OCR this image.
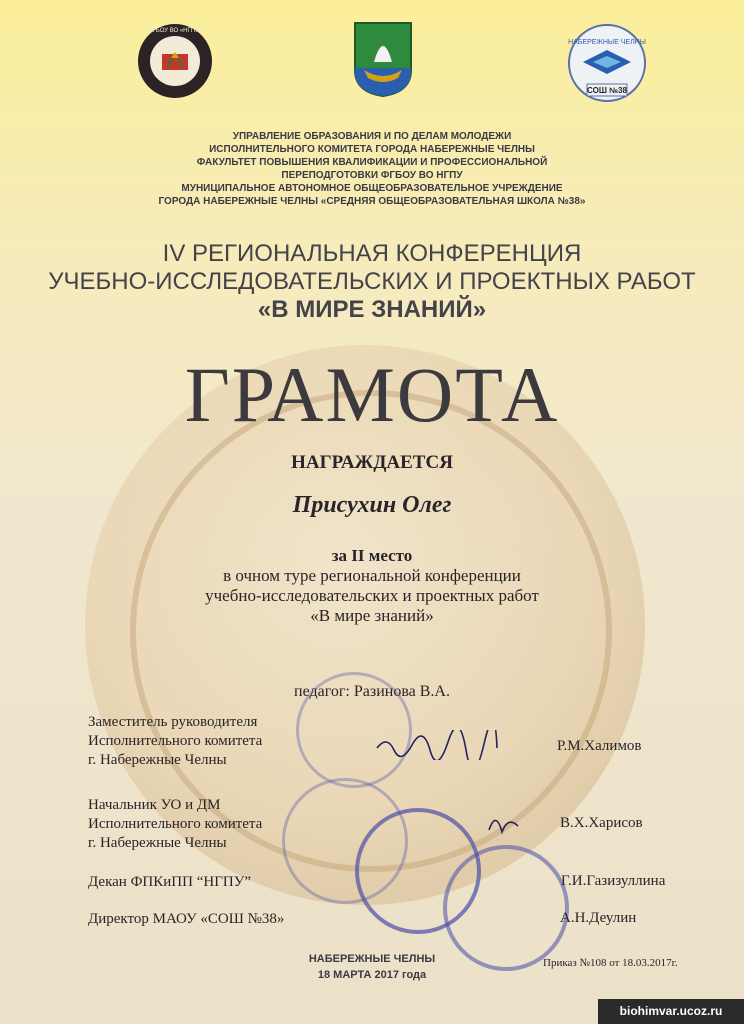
ФГБОУ ВО «НГПУ»
НАБЕРЕЖНЫЕ ЧЕЛНЫ
СОШ №38
УПРАВЛЕНИЕ ОБРАЗОВАНИЯ И ПО ДЕЛАМ МОЛОДЕЖИ
ИСПОЛНИТЕЛЬНОГО КОМИТЕТА ГОРОДА НАБЕРЕЖНЫЕ ЧЕЛНЫ
ФАКУЛЬТЕТ ПОВЫШЕНИЯ КВАЛИФИКАЦИИ И ПРОФЕССИОНАЛЬНОЙ
ПЕРЕПОДГОТОВКИ ФГБОУ ВО НГПУ
МУНИЦИПАЛЬНОЕ АВТОНОМНОЕ ОБЩЕОБРАЗОВАТЕЛЬНОЕ УЧРЕЖДЕНИЕ
ГОРОДА НАБЕРЕЖНЫЕ ЧЕЛНЫ «СРЕДНЯЯ ОБЩЕОБРАЗОВАТЕЛЬНАЯ ШКОЛА №38»
IV РЕГИОНАЛЬНАЯ КОНФЕРЕНЦИЯ
УЧЕБНО-ИССЛЕДОВАТЕЛЬСКИХ И ПРОЕКТНЫХ РАБОТ
«В МИРЕ ЗНАНИЙ»
ГРАМОТА
НАГРАЖДАЕТСЯ
Присухин Олег
за II место
в очном туре региональной конференции
учебно-исследовательских и проектных работ
«В мире знаний»
педагог: Разинова В.А.
Заместитель руководителя
Исполнительного комитета
г. Набережные Челны
Р.М.Халимов
Начальник УО и ДМ
Исполнительного комитета
г. Набережные Челны
В.Х.Харисов
Декан ФПКиПП “НГПУ”	Г.И.Газизуллина
Директор МАОУ «СОШ №38»	А.Н.Деулин
НАБЕРЕЖНЫЕ ЧЕЛНЫ
18 МАРТА 2017 года
Приказ №108 от 18.03.2017г.
biohimvar.ucoz.ru
